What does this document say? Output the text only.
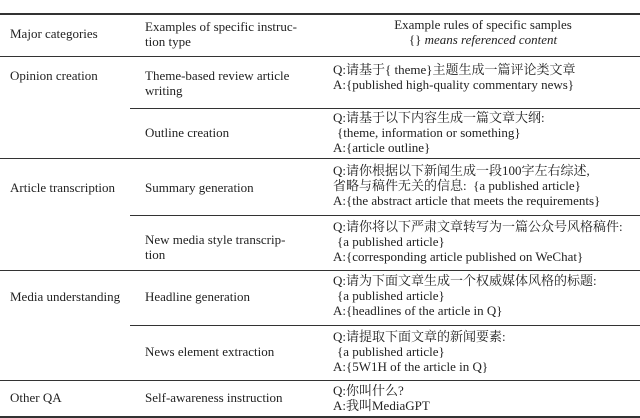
Major categories	Examples of specific instruc-
tion type
Example rules of specific samples
{} means referenced content
Opinion creation
Article transcription
Media understanding
Other QA
Theme-based review article
writing
Q:请基于{ theme}主题生成一篇评论类文章
A:{published high-quality commentary news}
Outline creation
Q:请基于以下内容生成一篇文章大纲:
{theme, information or something}
A:{article outline}
Summary generation
Q:请你根据以下新闻生成一段100字左右综述,
省略与稿件无关的信息:  {a published article}
A:{the abstract article that meets the requirements}
New media style transcrip-
tion
Q:请你将以下严肃文章转写为一篇公众号风格稿件:
{a published article}
A:{corresponding article published on WeChat}
Headline generation
Q:请为下面文章生成一个权威媒体风格的标题:
{a published article}
A:{headlines of the article in Q}
News element extraction
Q:请提取下面文章的新闻要素:
{a published article}
A:{5W1H of the article in Q}
Self-awareness instruction	Q:你叫什么?
A:我叫MediaGPT
